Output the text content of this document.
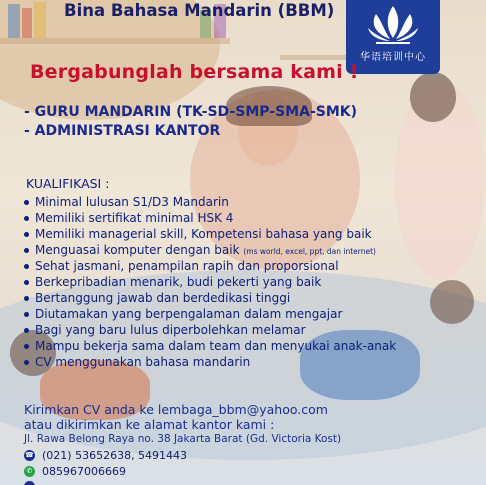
华语培训中心
Bina Bahasa Mandarin (BBM)
Bergabunglah bersama kami !
- GURU MANDARIN (TK-SD-SMP-SMA-SMK)
- ADMINISTRASI KANTOR
KUALIFIKASI :
Minimal lulusan S1/D3 Mandarin
Memiliki sertifikat minimal HSK 4
Memiliki managerial skill, Kompetensi bahasa yang baik
Menguasai komputer dengan baik (ms world, excel, ppt, dan internet)
Sehat jasmani, penampilan rapih dan proporsional
Berkepribadian menarik, budi pekerti yang baik
Bertanggung jawab dan berdedikasi tinggi
Diutamakan yang berpengalaman dalam mengajar
Bagi yang baru lulus diperbolehkan melamar
Mampu bekerja sama dalam team dan menyukai anak-anak
CV menggunakan bahasa mandarin
Kirimkan CV anda ke lembaga_bbm@yahoo.com
atau dikirimkan ke alamat kantor kami :
Jl. Rawa Belong Raya no. 38 Jakarta Barat (Gd. Victoria Kost)
☎ (021) 53652638, 5491443
✆ 085967006669
